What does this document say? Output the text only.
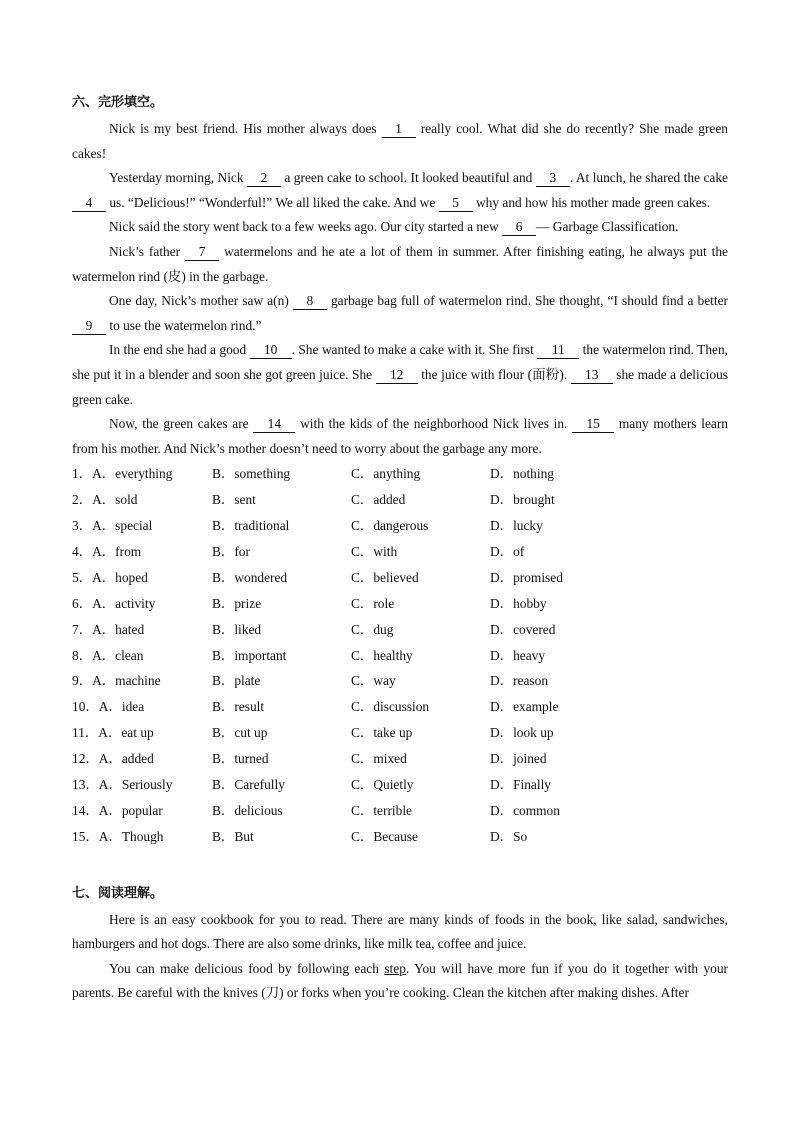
六、完形填空。

Nick is my best friend. His mother always does 1 really cool. What did she do recently? She made green cakes!

Yesterday morning, Nick 2 a green cake to school. It looked beautiful and 3 . At lunch, he shared the cake 4 us. “Delicious!” “Wonderful!” We all liked the cake. And we 5 why and how his mother made green cakes.

Nick said the story went back to a few weeks ago. Our city started a new 6 — Garbage Classification.

Nick’s father 7 watermelons and he ate a lot of them in summer. After finishing eating, he always put the watermelon rind (皮) in the garbage.

One day, Nick’s mother saw a(n) 8 garbage bag full of watermelon rind. She thought, “I should find a better 9 to use the watermelon rind.”

In the end she had a good 10 . She wanted to make a cake with it. She first 11 the watermelon rind. Then, she put it in a blender and soon she got green juice. She 12 the juice with flour (面粉). 13 she made a delicious green cake.

Now, the green cakes are 14 with the kids of the neighborhood Nick lives in. 15 many mothers learn from his mother. And Nick’s mother doesn’t need to worry about the garbage any more.

1．A．everything	B．something	C．anything	D．nothing
2．A．sold	B．sent	C．added	D．brought
3．A．special	B．traditional	C．dangerous	D．lucky
4．A．from	B．for	C．with	D．of
5．A．hoped	B．wondered	C．believed	D．promised
6．A．activity	B．prize	C．role	D．hobby
7．A．hated	B．liked	C．dug	D．covered
8．A．clean	B．important	C．healthy	D．heavy
9．A．machine	B．plate	C．way	D．reason
10．A．idea	B．result	C．discussion	D．example
11．A．eat up	B．cut up	C．take up	D．look up
12．A．added	B．turned	C．mixed	D．joined
13．A．Seriously	B．Carefully	C．Quietly	D．Finally
14．A．popular	B．delicious	C．terrible	D．common
15．A．Though	B．But	C．Because	D．So
七、阅读理解。

Here is an easy cookbook for you to read. There are many kinds of foods in the book, like salad, sandwiches, hamburgers and hot dogs. There are also some drinks, like milk tea, coffee and juice.

You can make delicious food by following each step. You will have more fun if you do it together with your parents. Be careful with the knives (刀) or forks when you’re cooking. Clean the kitchen after making dishes. After
